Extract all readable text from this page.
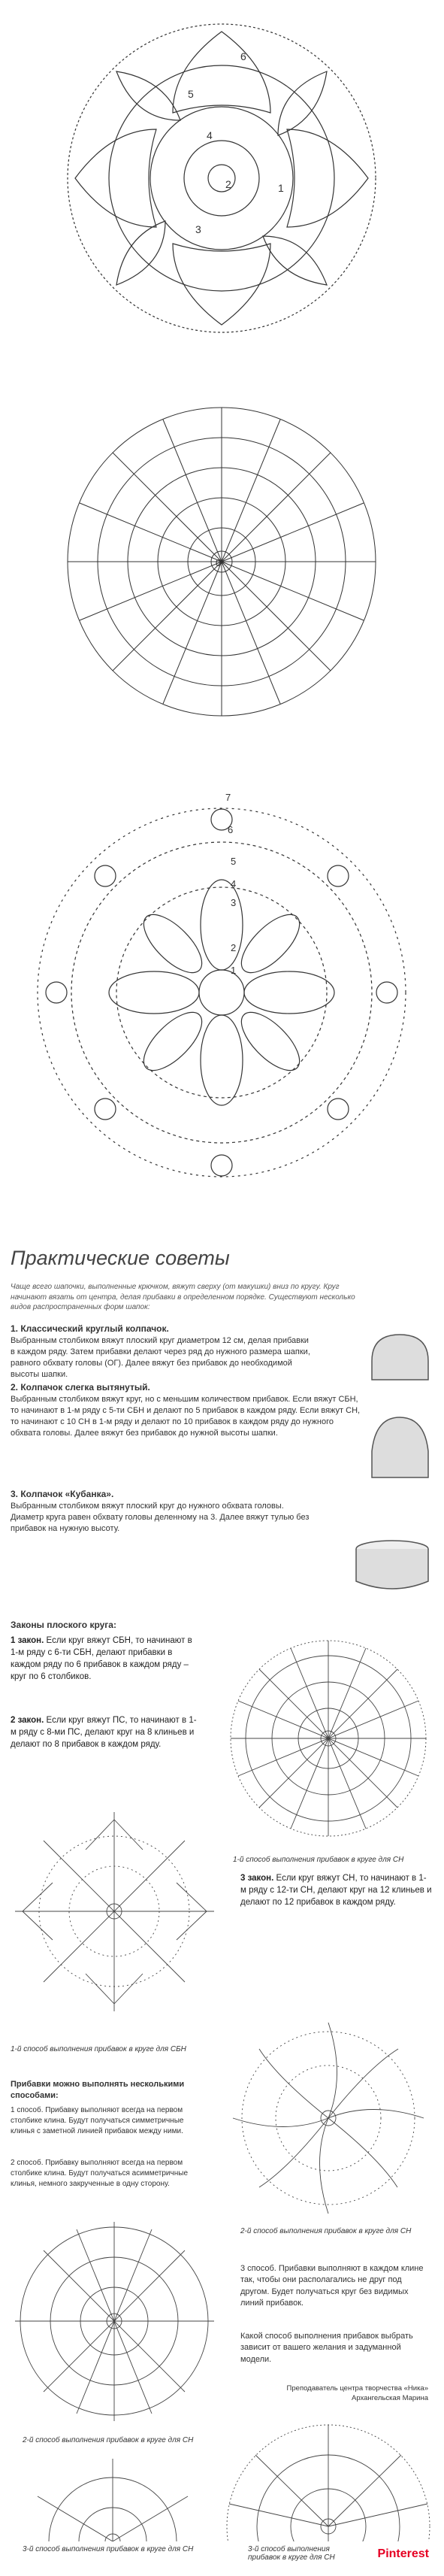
5
4
2
3
1
6
0
7
6
5
4
3
2
1
Практические советы
Чаще всего шапочки, выполненные крючком, вяжут сверху (от макушки) вниз по кругу. Круг начинают вязать от центра, делая прибавки в определенном порядке. Существуют несколько видов распространенных форм шапок:
1. Классический круглый колпачок.
Выбранным столбиком вяжут плоский круг диаметром 12 см, делая прибавки в каждом ряду. Затем прибавки делают через ряд до нужного размера шапки, равного обхвату головы (ОГ). Далее вяжут без прибавок до необходимой высоты шапки.
2. Колпачок слегка вытянутый.
Выбранным столбиком вяжут круг, но с меньшим количеством прибавок. Если вяжут СБН, то начинают в 1-м ряду с 5-ти СБН и делают по 5 прибавок в каждом ряду. Если вяжут СН, то начинают с 10 СН в 1-м ряду и делают по 10 прибавок в каждом ряду до нужного обхвата головы. Далее вяжут без прибавок до нужной высоты шапки.
3. Колпачок «Кубанка».
Выбранным столбиком вяжут плоский круг до нужного обхвата головы. Диаметр круга равен обхвату головы деленному на 3. Далее вяжут тулью без прибавок на нужную высоту.
Законы плоского круга:
1 закон. Если круг вяжут СБН, то начинают в 1-м ряду с 6-ти СБН, делают прибавки в каждом ряду по 6 прибавок в каждом ряду – круг по 6 столбиков.
2 закон. Если круг вяжут ПС, то начинают в 1-м ряду с 8-ми ПС, делают круг на 8 клиньев и делают по 8 прибавок в каждом ряду.
1-й способ выполнения прибавок в круге для СН
1-й способ выполнения прибавок в круге для СБН
3 закон. Если круг вяжут СН, то начинают в 1-м ряду с 12-ти СН, делают круг на 12 клиньев и делают по 12 прибавок в каждом ряду.
Прибавки можно выполнять несколькими способами:
1 способ. Прибавку выполняют всегда на первом столбике клина. Будут получаться симметричные клинья с заметной линией прибавок между ними.
2 способ. Прибавку выполняют всегда на первом столбике клина. Будут получаться асимметричные клинья, немного закрученные в одну сторону.
2-й способ выполнения прибавок в круге для СН
2-й способ выполнения прибавок в круге для СН
3 способ. Прибавки выполняют в каждом клине так, чтобы они располагались не друг под другом. Будет получаться круг без видимых линий прибавок.
Какой способ выполнения прибавок выбрать зависит от вашего желания и задуманной модели.
Преподаватель центра творчества «Ника»
Архангельская Марина
3-й способ выполнения прибавок в круге для СН	3-й способ выполнения прибавок в круге для СН	Pinterest
